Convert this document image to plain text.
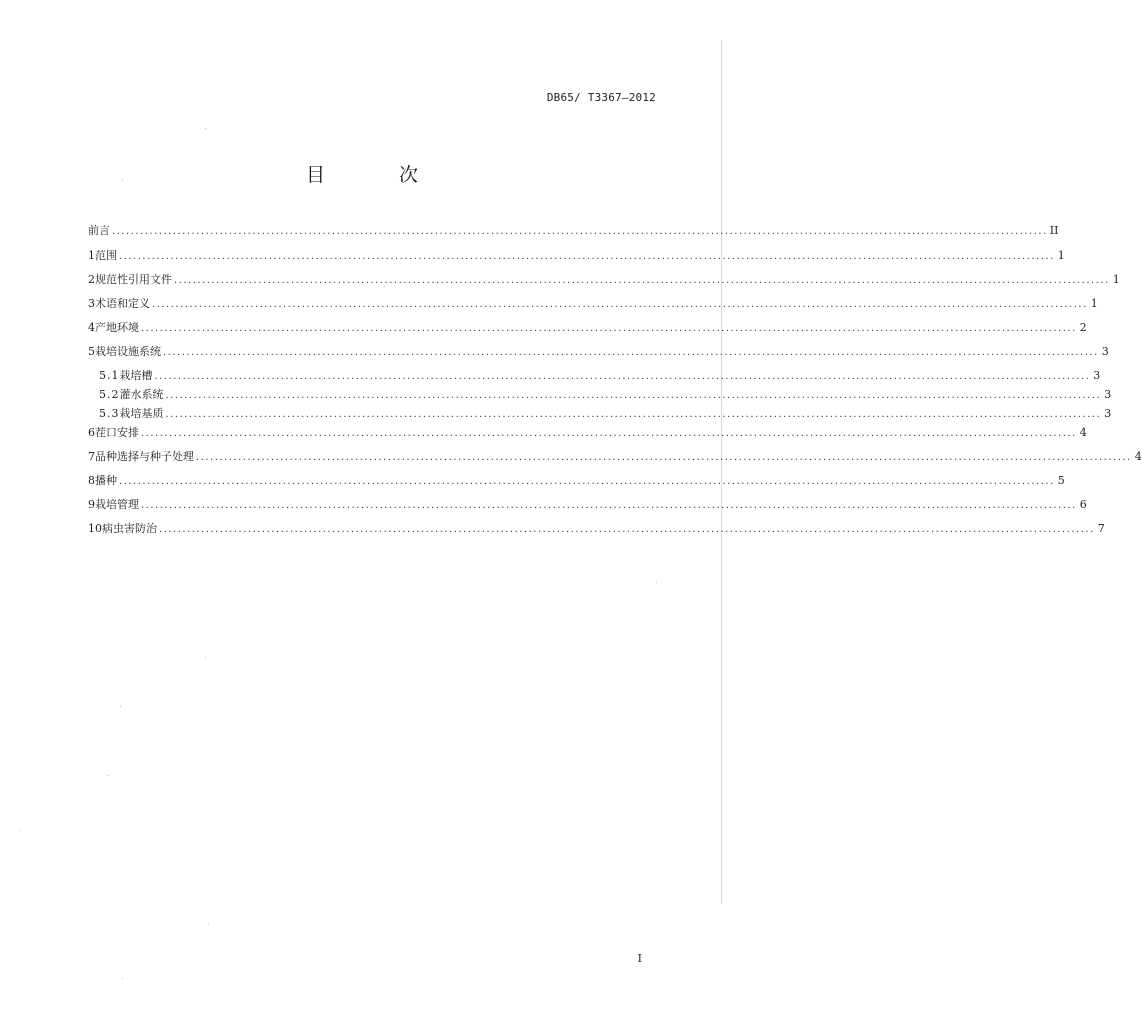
DB65/ T3367—2012
目 次
前言 ........................................................................................................................................................................................................ II
1 范围 ........................................................................................................................................................................................................ 1
2 规范性引用文件 ........................................................................................................................................................................................................ 1
3 术语和定义 ........................................................................................................................................................................................................ 1
4 产地环境 ........................................................................................................................................................................................................ 2
5 栽培设施系统 ........................................................................................................................................................................................................ 3
5.1 栽培槽 ........................................................................................................................................................................................................ 3
5.2 灌水系统 ........................................................................................................................................................................................................ 3
5.3 栽培基质 ........................................................................................................................................................................................................ 3
6 茬口安排 ........................................................................................................................................................................................................ 4
7 品种选择与种子处理 ........................................................................................................................................................................................................ 4
8 播种 ........................................................................................................................................................................................................ 5
9 栽培管理 ........................................................................................................................................................................................................ 6
10 病虫害防治 ........................................................................................................................................................................................................ 7
I
